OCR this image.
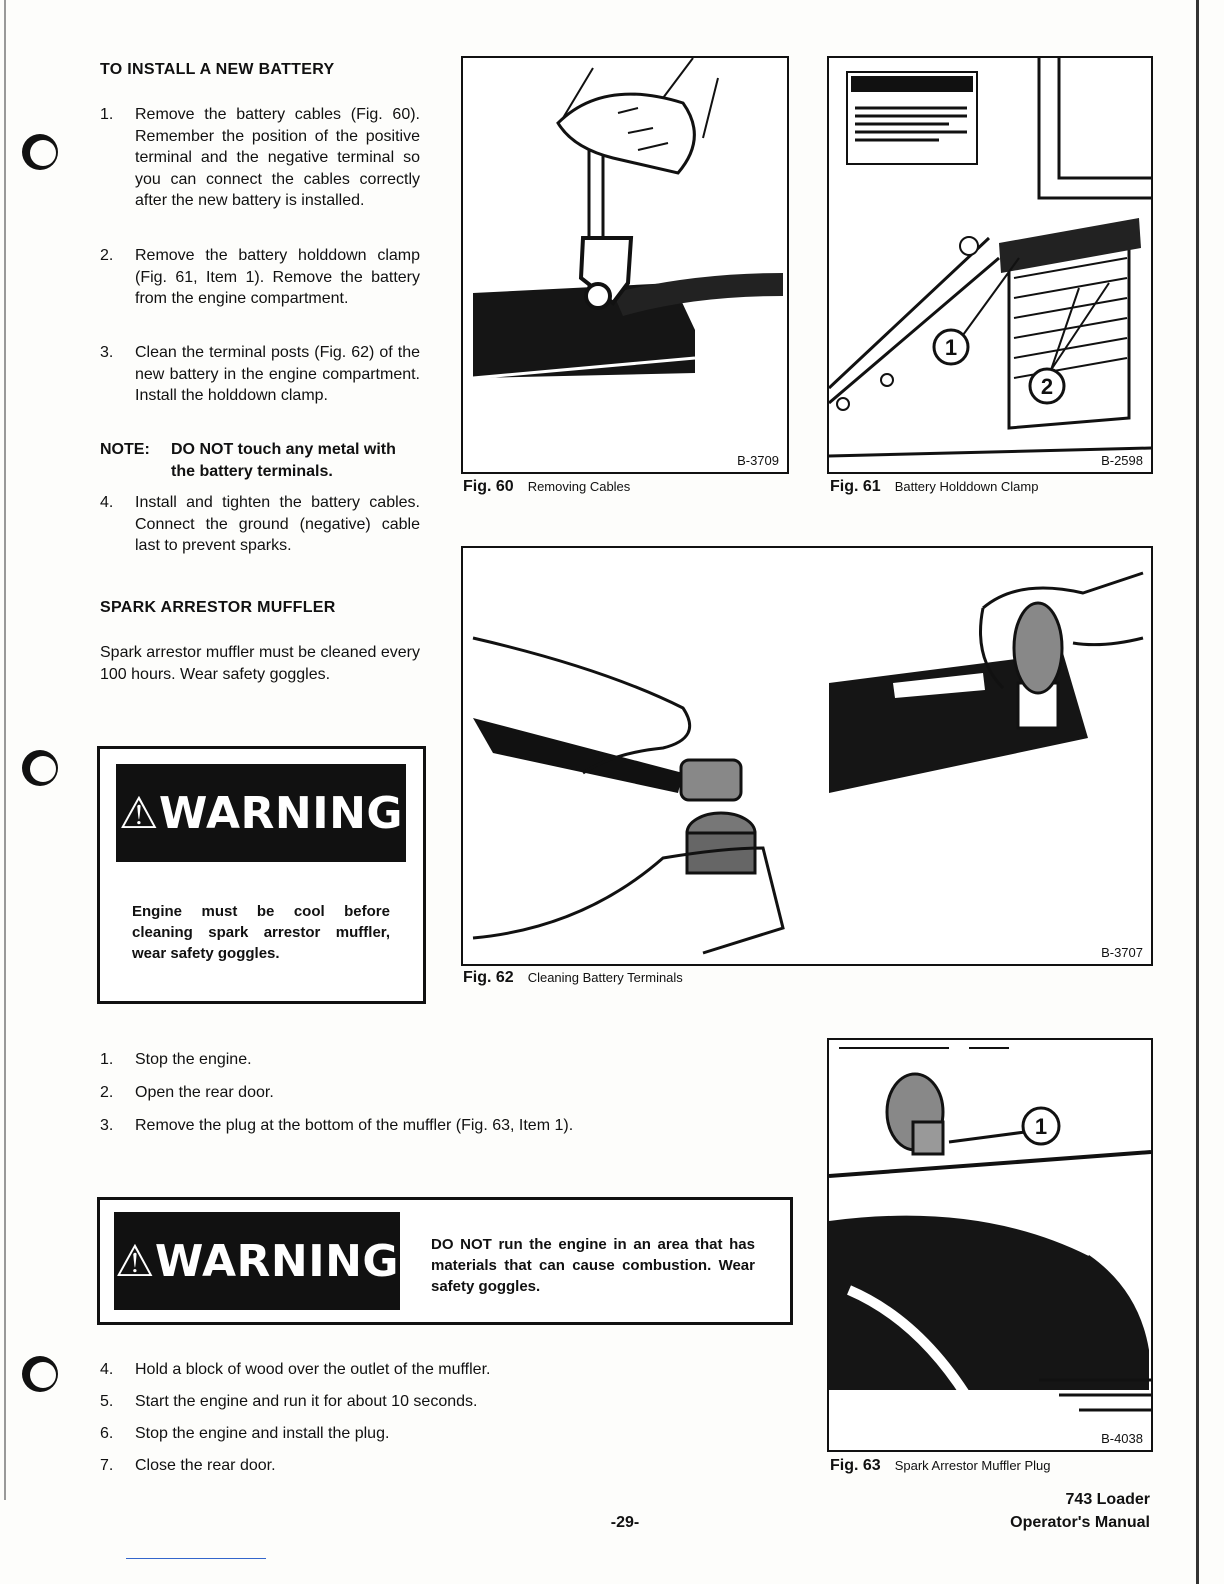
TO INSTALL A NEW BATTERY
1.	Remove the battery cables (Fig. 60). Remember the position of the positive terminal and the negative terminal so you can connect the cables correctly after the new battery is installed.
2.	Remove the battery holddown clamp (Fig. 61, Item 1). Remove the battery from the engine compartment.
3.	Clean the terminal posts (Fig. 62) of the new battery in the engine compartment. Install the holddown clamp.
NOTE: DO NOT touch any metal with the battery terminals.
4.	Install and tighten the battery cables. Connect the ground (negative) cable last to prevent sparks.
SPARK ARRESTOR MUFFLER
Spark arrestor muffler must be cleaned every 100 hours. Wear safety goggles.
⚠WARNING
Engine must be cool before cleaning spark arrestor muffler, wear safety goggles.
1.	Stop the engine.
2.	Open the rear door.
3.	Remove the plug at the bottom of the muffler (Fig. 63, Item 1).
⚠WARNING DO NOT run the engine in an area that has materials that can cause combustion. Wear safety goggles.
4.	Hold a block of wood over the outlet of the muffler.
5.	Start the engine and run it for about 10 seconds.
6.	Stop the engine and install the plug.
7.	Close the rear door.
B-3709
Fig. 60 Removing Cables
1
2
B-2598
Fig. 61 Battery Holddown Clamp
B-3707
Fig. 62 Cleaning Battery Terminals
1
B-4038
Fig. 63 Spark Arrestor Muffler Plug
-29-
743 Loader
Operator's Manual
